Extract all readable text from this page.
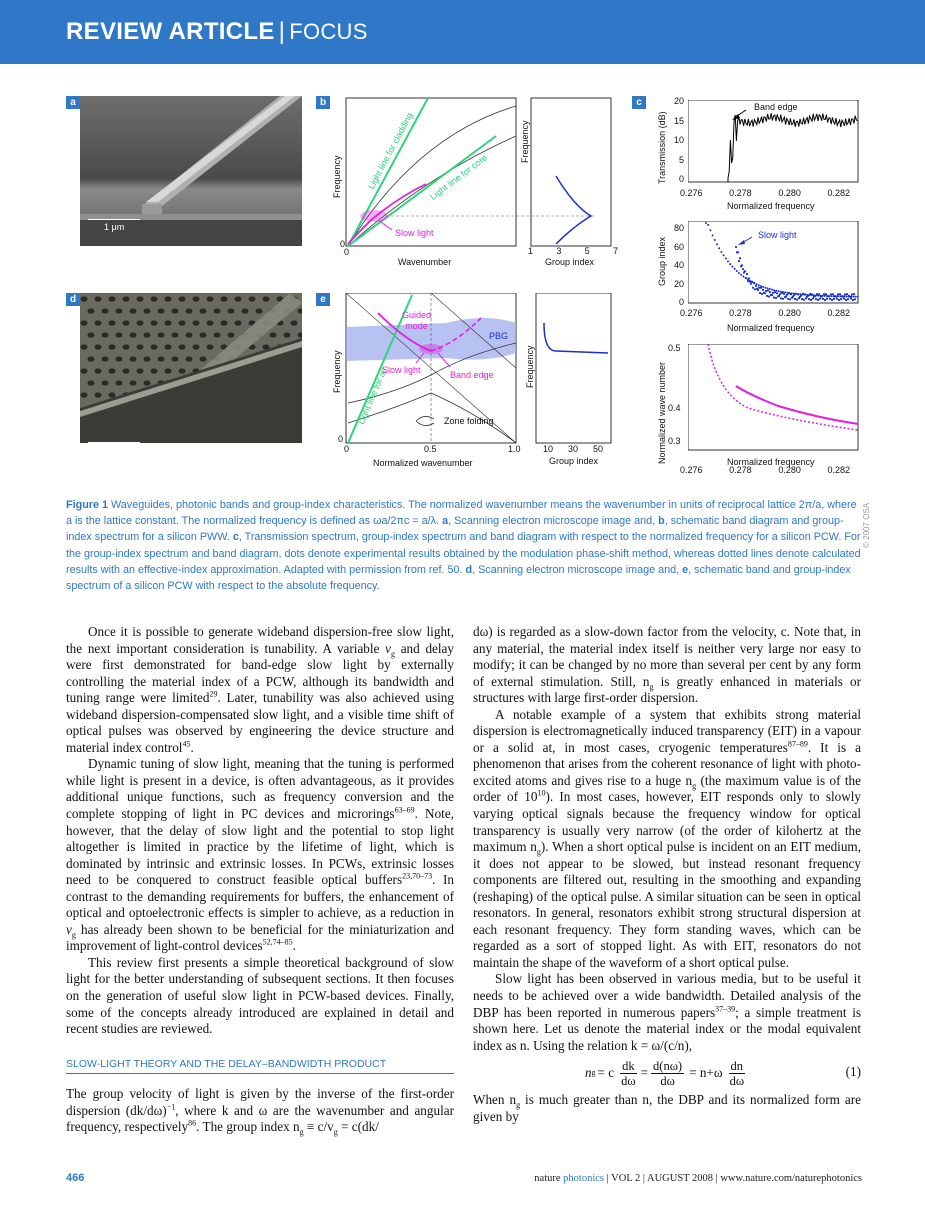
REVIEW ARTICLE | FOCUS
a
1 μm
d
1 μm
b
Frequency
Wavenumber
0
0
Light line for cladding Light line for core
Slow light
Frequency
Group index
1	3	5	7
e
Frequency
Normalized wavenumber
0
0	0.5	1.0
Guided
mode
PBG
Light line for air
Slow light	Band edge
Zone folding
Frequency
Group index
10 30 50
c	Band edge
Transmission (dB)
20
15
10
5
0
0.276	0.278	0.280	0.282
Normalized frequency
Slow light
Group index
80
60
40
20
0
0.276	0.278	0.280	0.282
Normalized frequency
Normalized wave number
0.5
0.4
0.3
0.276	0.278	0.280	0.282
Normalized frequency
© 2007 OSA
Figure 1 Waveguides, photonic bands and group-index characteristics. The normalized wavenumber means the wavenumber in units of reciprocal lattice 2π/a, where a is the lattice constant. The normalized frequency is defined as ωa/2πc = a/λ. a, Scanning electron microscope image and, b, schematic band diagram and group-index spectrum for a silicon PWW. c, Transmission spectrum, group-index spectrum and band diagram with respect to the normalized frequency for a silicon PCW. For the group-index spectrum and band diagram, dots denote experimental results obtained by the modulation phase-shift method, whereas dotted lines denote calculated results with an effective-index approximation. Adapted with permission from ref. 50. d, Scanning electron microscope image and, e, schematic band and group-index spectrum of a silicon PCW with respect to the absolute frequency.

Once it is possible to generate wideband dispersion-free slow light, the next important consideration is tunability. A variable $v_g$ and delay were first demonstrated for band-edge slow light by externally controlling the material index of a PCW, although its bandwidth and tuning range were limited$^{29}$. Later, tunability was also achieved using wideband dispersion-compensated slow light, and a visible time shift of optical pulses was observed by engineering the device structure and material index control$^{45}$.

Dynamic tuning of slow light, meaning that the tuning is performed while light is present in a device, is often advantageous, as it provides additional unique functions, such as frequency conversion and the complete stopping of light in PC devices and microrings$^{63-69}$. Note, however, that the delay of slow light and the potential to stop light altogether is limited in practice by the lifetime of light, which is dominated by intrinsic and extrinsic losses. In PCWs, extrinsic losses need to be conquered to construct feasible optical buffers$^{23,70-73}$. In contrast to the demanding requirements for buffers, the enhancement of optical and optoelectronic effects is simpler to achieve, as a reduction in $v_g$ has already been shown to be beneficial for the miniaturization and improvement of light-control devices$^{52,74-85}$.

This review first presents a simple theoretical background of slow light for the better understanding of subsequent sections. It then focuses on the generation of useful slow light in PCW-based devices. Finally, some of the concepts already introduced are explained in detail and recent studies are reviewed.

SLOW-LIGHT THEORY AND THE DELAY–BANDWIDTH PRODUCT

The group velocity of light is given by the inverse of the first-order dispersion $(dk/d\omega)^{-1}$, where k and ω are the wavenumber and angular frequency, respectively$^{86}$. The group index $n_g \equiv c/v_g = c(dk/$

dω) is regarded as a slow-down factor from the velocity, c. Note that, in any material, the material index itself is neither very large nor easy to modify; it can be changed by no more than several per cent by any form of external stimulation. Still, $n_g$ is greatly enhanced in materials or structures with large first-order dispersion.

A notable example of a system that exhibits strong material dispersion is electromagnetically induced transparency (EIT) in a vapour or a solid at, in most cases, cryogenic temperatures$^{87-89}$. It is a phenomenon that arises from the coherent resonance of light with photo-excited atoms and gives rise to a huge $n_g$ (the maximum value is of the order of $10^{10}$). In most cases, however, EIT responds only to slowly varying optical signals because the frequency window for optical transparency is usually very narrow (of the order of kilohertz at the maximum $n_g$). When a short optical pulse is incident on an EIT medium, it does not appear to be slowed, but instead resonant frequency components are filtered out, resulting in the smoothing and expanding (reshaping) of the optical pulse. A similar situation can be seen in optical resonators. In general, resonators exhibit strong structural dispersion at each resonant frequency. They form standing waves, which can be regarded as a sort of stopped light. As with EIT, resonators do not maintain the shape of the waveform of a short optical pulse.

Slow light has been observed in various media, but to be useful it needs to be achieved over a wide bandwidth. Detailed analysis of the DBP has been reported in numerous papers$^{37-39}$; a simple treatment is shown here. Let us denote the material index or the modal equivalent index as n. Using the relation k = ω/(c/n),

n g = c $\frac{dk}{d\omega} = \frac{d(n\omega)}{d\omega} = n+\omega \frac{dn}{d\omega}$	(1)

When $n_g$ is much greater than n, the DBP and its normalized form are given by

466	nature photonics | VOL 2 | AUGUST 2008 | www.nature.com/naturephotonics
